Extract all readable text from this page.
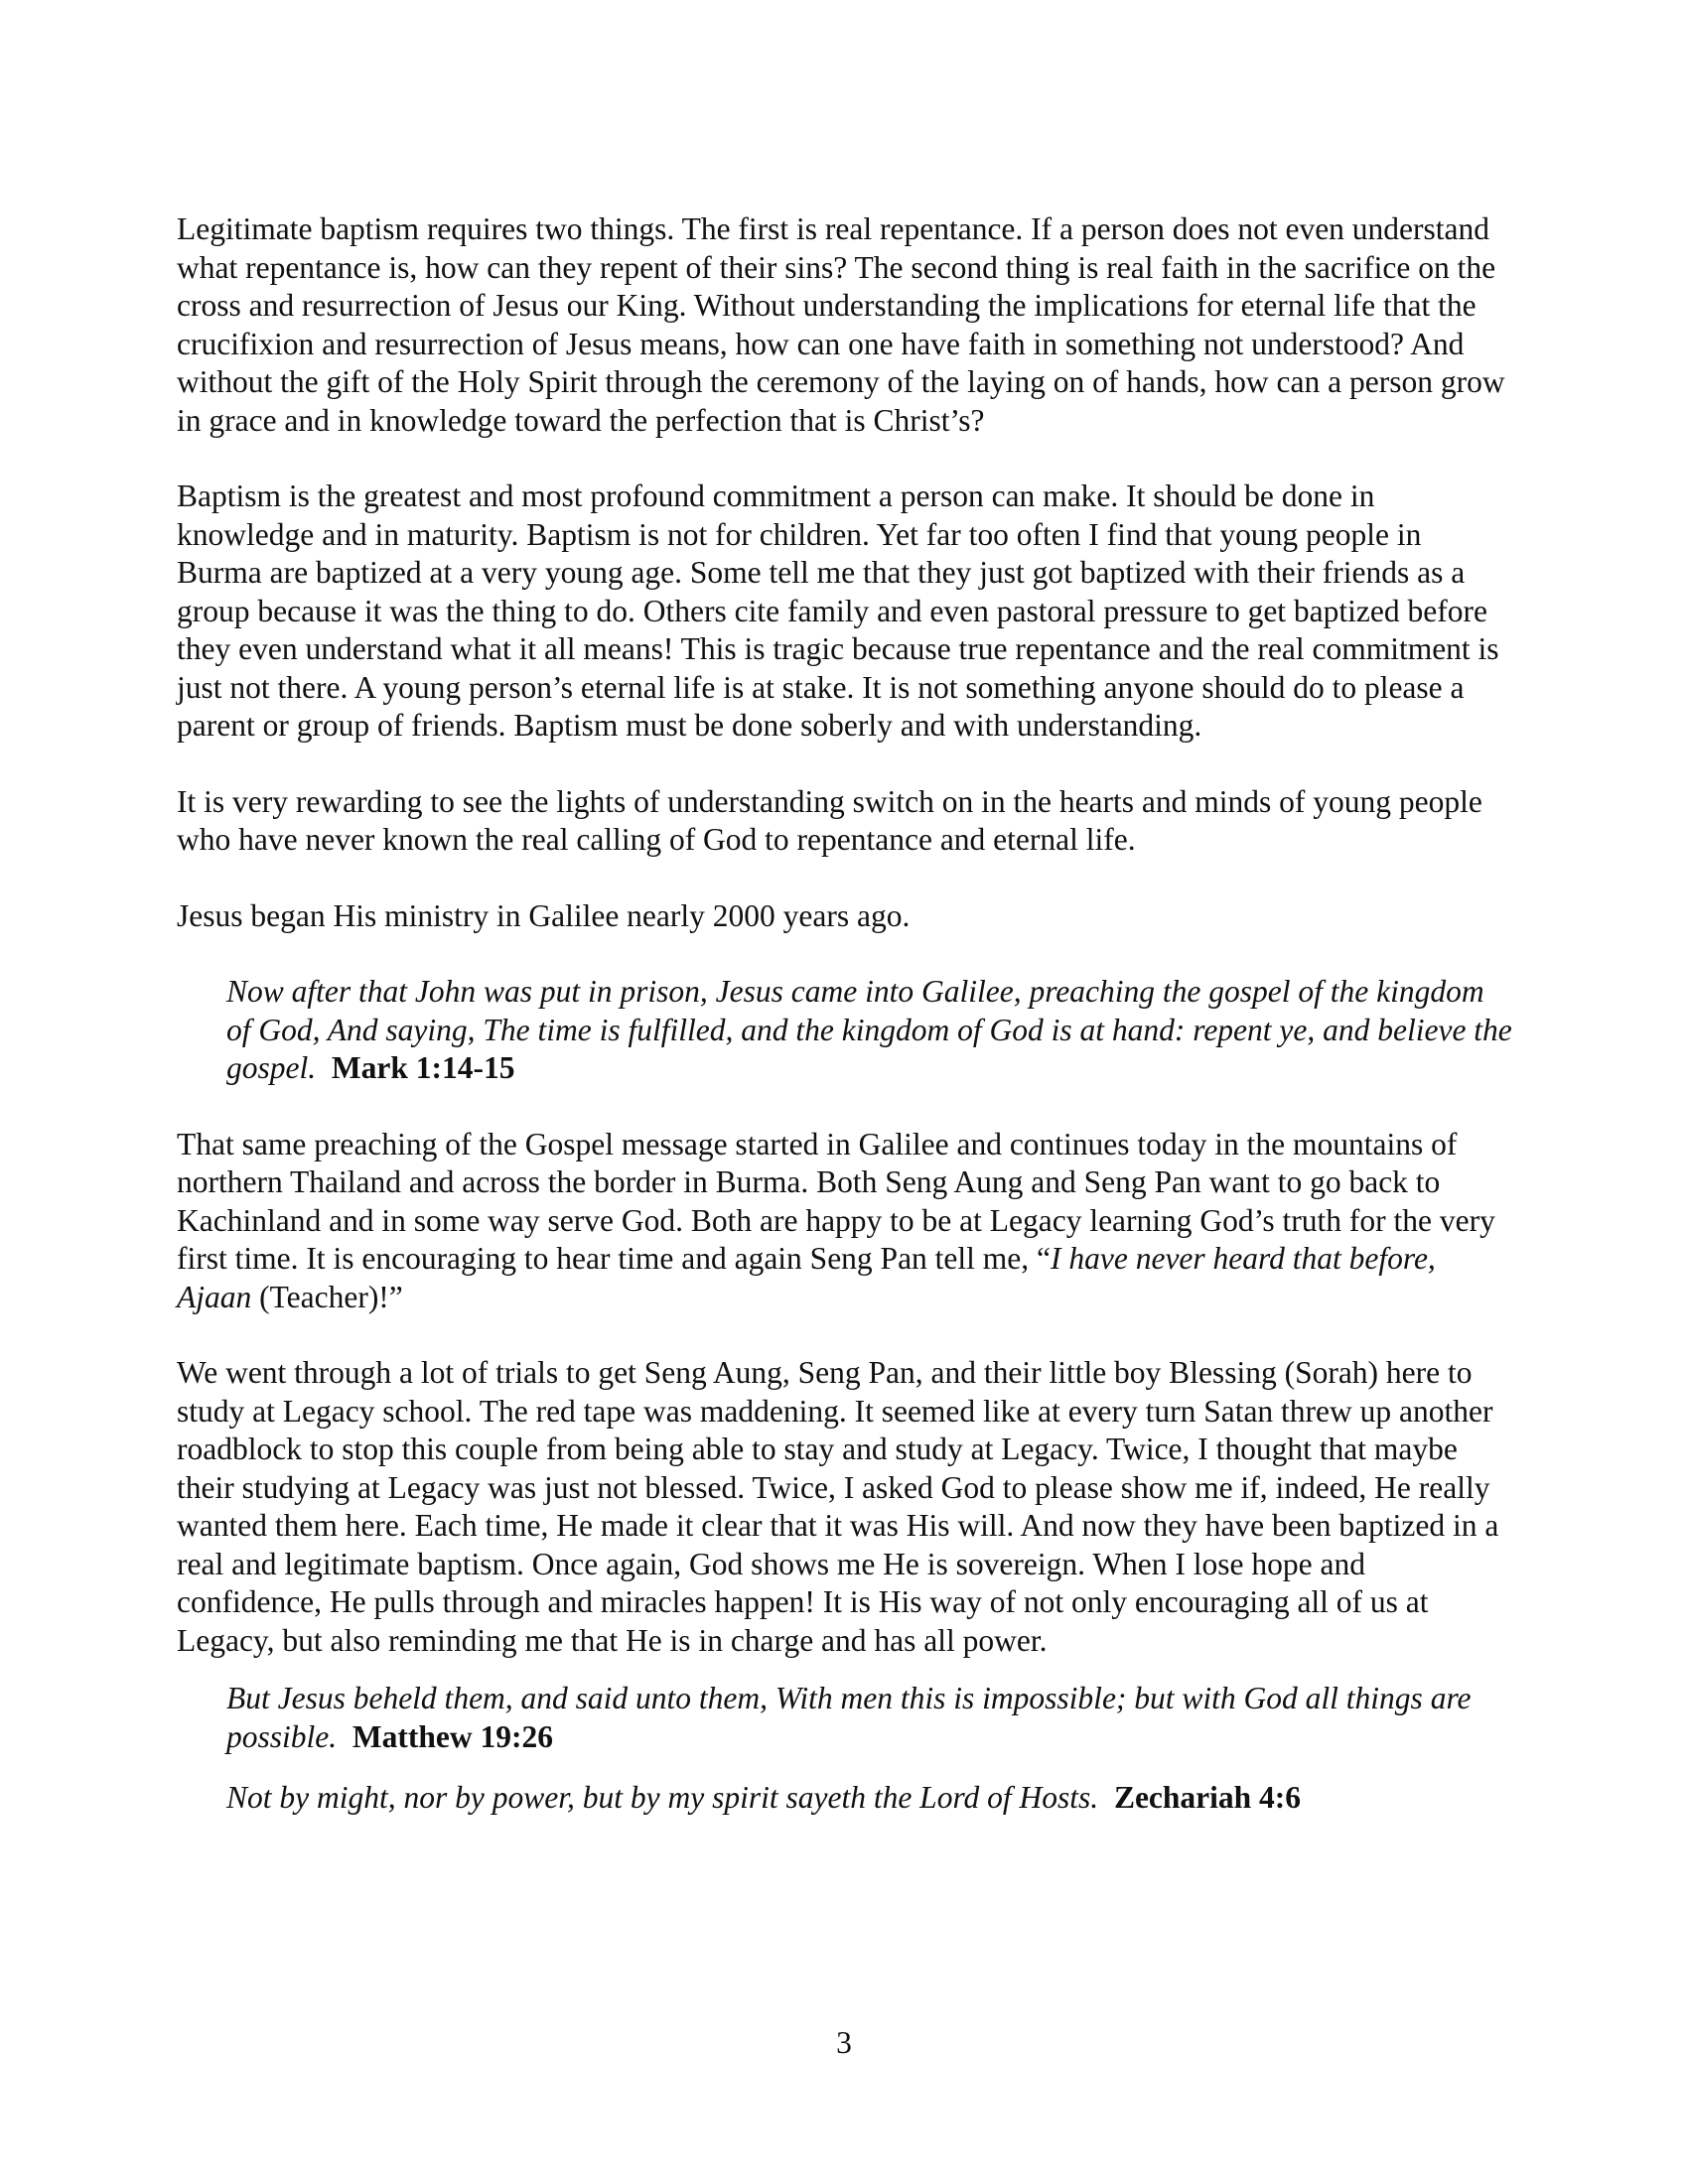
Legitimate baptism requires two things. The first is real repentance. If a person does not even understand what repentance is, how can they repent of their sins? The second thing is real faith in the sacrifice on the cross and resurrection of Jesus our King. Without understanding the implications for eternal life that the crucifixion and resurrection of Jesus means, how can one have faith in something not understood? And without the gift of the Holy Spirit through the ceremony of the laying on of hands, how can a person grow in grace and in knowledge toward the perfection that is Christ’s?

Baptism is the greatest and most profound commitment a person can make. It should be done in knowledge and in maturity. Baptism is not for children. Yet far too often I find that young people in Burma are baptized at a very young age. Some tell me that they just got baptized with their friends as a group because it was the thing to do. Others cite family and even pastoral pressure to get baptized before they even understand what it all means! This is tragic because true repentance and the real commitment is just not there. A young person’s eternal life is at stake. It is not something anyone should do to please a parent or group of friends. Baptism must be done soberly and with understanding.

It is very rewarding to see the lights of understanding switch on in the hearts and minds of young people who have never known the real calling of God to repentance and eternal life.

Jesus began His ministry in Galilee nearly 2000 years ago.

Now after that John was put in prison, Jesus came into Galilee, preaching the gospel of the kingdom of God, And saying, The time is fulfilled, and the kingdom of God is at hand: repent ye, and believe the gospel. Mark 1:14-15

That same preaching of the Gospel message started in Galilee and continues today in the mountains of northern Thailand and across the border in Burma. Both Seng Aung and Seng Pan want to go back to Kachinland and in some way serve God. Both are happy to be at Legacy learning God’s truth for the very first time. It is encouraging to hear time and again Seng Pan tell me, “I have never heard that before, Ajaan (Teacher)!”

We went through a lot of trials to get Seng Aung, Seng Pan, and their little boy Blessing (Sorah) here to study at Legacy school. The red tape was maddening. It seemed like at every turn Satan threw up another roadblock to stop this couple from being able to stay and study at Legacy. Twice, I thought that maybe their studying at Legacy was just not blessed. Twice, I asked God to please show me if, indeed, He really wanted them here. Each time, He made it clear that it was His will. And now they have been baptized in a real and legitimate baptism. Once again, God shows me He is sovereign. When I lose hope and confidence, He pulls through and miracles happen! It is His way of not only encouraging all of us at Legacy, but also reminding me that He is in charge and has all power.

But Jesus beheld them, and said unto them, With men this is impossible; but with God all things are possible. Matthew 19:26

Not by might, nor by power, but by my spirit sayeth the Lord of Hosts. Zechariah 4:6

3
